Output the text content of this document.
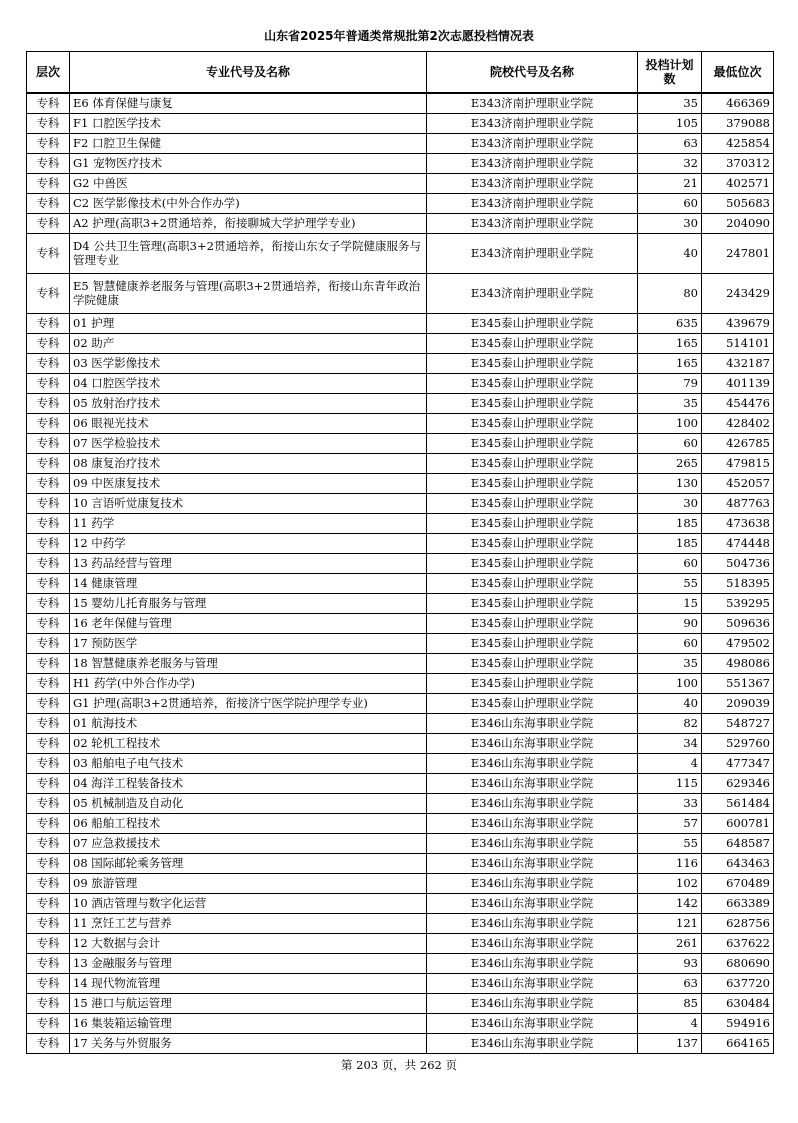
山东省2025年普通类常规批第2次志愿投档情况表
层次	专业代号及名称	院校代号及名称	投档计划数	最低位次
专科	E6 体育保健与康复	E343济南护理职业学院	35	466369
专科	F1 口腔医学技术	E343济南护理职业学院	105	379088
专科	F2 口腔卫生保健	E343济南护理职业学院	63	425854
专科	G1 宠物医疗技术	E343济南护理职业学院	32	370312
专科	G2 中兽医	E343济南护理职业学院	21	402571
专科	C2 医学影像技术(中外合作办学)	E343济南护理职业学院	60	505683
专科	A2 护理(高职3+2贯通培养，衔接聊城大学护理学专业)	E343济南护理职业学院	30	204090
专科	D4 公共卫生管理(高职3+2贯通培养，衔接山东女子学院健康服务与管理专业	E343济南护理职业学院	40	247801
专科	E5 智慧健康养老服务与管理(高职3+2贯通培养，衔接山东青年政治学院健康	E343济南护理职业学院	80	243429
专科	01 护理	E345泰山护理职业学院	635	439679
专科	02 助产	E345泰山护理职业学院	165	514101
专科	03 医学影像技术	E345泰山护理职业学院	165	432187
专科	04 口腔医学技术	E345泰山护理职业学院	79	401139
专科	05 放射治疗技术	E345泰山护理职业学院	35	454476
专科	06 眼视光技术	E345泰山护理职业学院	100	428402
专科	07 医学检验技术	E345泰山护理职业学院	60	426785
专科	08 康复治疗技术	E345泰山护理职业学院	265	479815
专科	09 中医康复技术	E345泰山护理职业学院	130	452057
专科	10 言语听觉康复技术	E345泰山护理职业学院	30	487763
专科	11 药学	E345泰山护理职业学院	185	473638
专科	12 中药学	E345泰山护理职业学院	185	474448
专科	13 药品经营与管理	E345泰山护理职业学院	60	504736
专科	14 健康管理	E345泰山护理职业学院	55	518395
专科	15 婴幼儿托育服务与管理	E345泰山护理职业学院	15	539295
专科	16 老年保健与管理	E345泰山护理职业学院	90	509636
专科	17 预防医学	E345泰山护理职业学院	60	479502
专科	18 智慧健康养老服务与管理	E345泰山护理职业学院	35	498086
专科	H1 药学(中外合作办学)	E345泰山护理职业学院	100	551367
专科	G1 护理(高职3+2贯通培养，衔接济宁医学院护理学专业)	E345泰山护理职业学院	40	209039
专科	01 航海技术	E346山东海事职业学院	82	548727
专科	02 轮机工程技术	E346山东海事职业学院	34	529760
专科	03 船舶电子电气技术	E346山东海事职业学院	4	477347
专科	04 海洋工程装备技术	E346山东海事职业学院	115	629346
专科	05 机械制造及自动化	E346山东海事职业学院	33	561484
专科	06 船舶工程技术	E346山东海事职业学院	57	600781
专科	07 应急救援技术	E346山东海事职业学院	55	648587
专科	08 国际邮轮乘务管理	E346山东海事职业学院	116	643463
专科	09 旅游管理	E346山东海事职业学院	102	670489
专科	10 酒店管理与数字化运营	E346山东海事职业学院	142	663389
专科	11 烹饪工艺与营养	E346山东海事职业学院	121	628756
专科	12 大数据与会计	E346山东海事职业学院	261	637622
专科	13 金融服务与管理	E346山东海事职业学院	93	680690
专科	14 现代物流管理	E346山东海事职业学院	63	637720
专科	15 港口与航运管理	E346山东海事职业学院	85	630484
专科	16 集装箱运输管理	E346山东海事职业学院	4	594916
专科	17 关务与外贸服务	E346山东海事职业学院	137	664165
第 203 页，共 262 页
